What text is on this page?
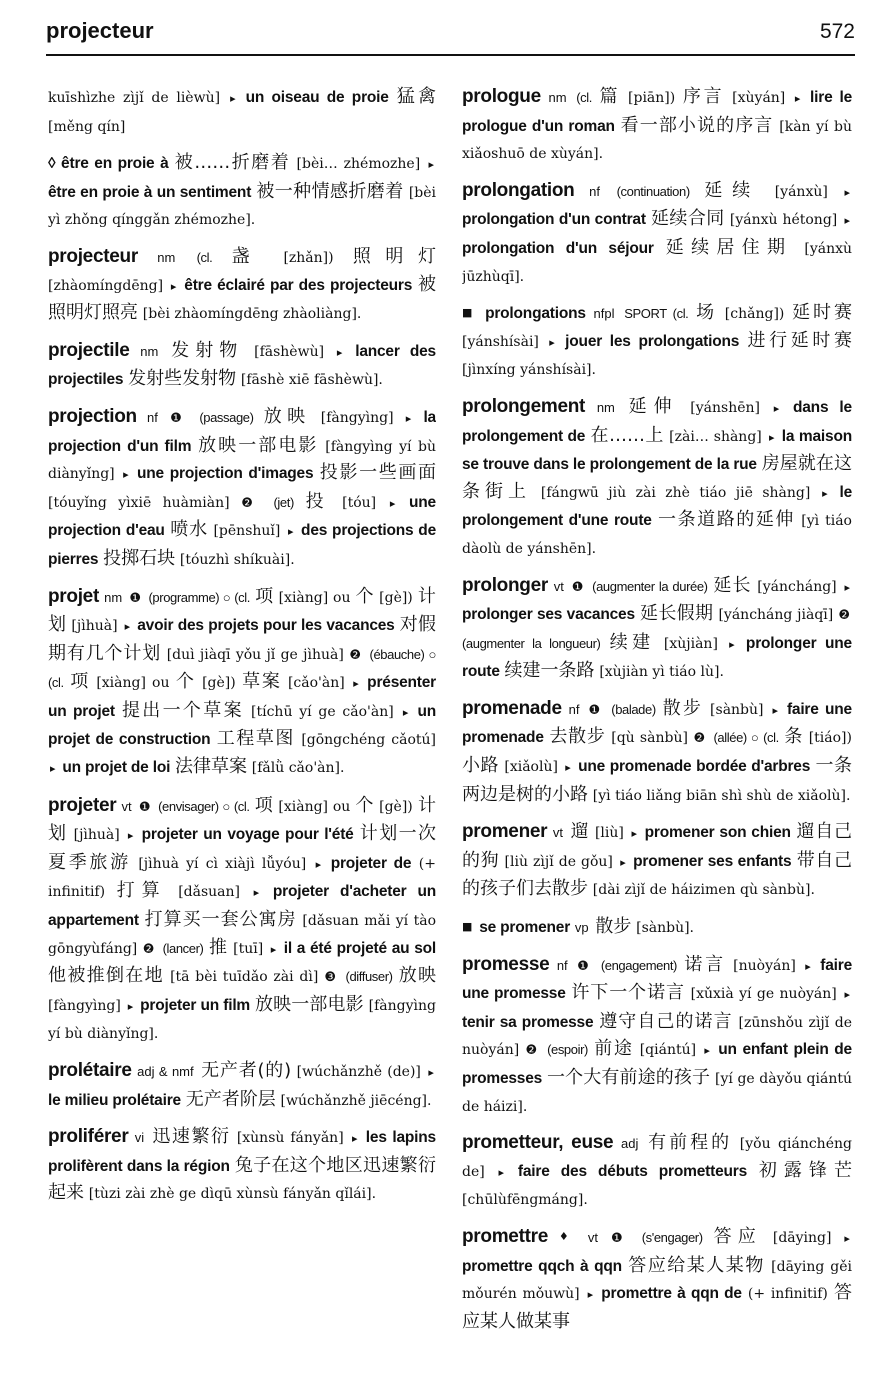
projecteur	572
kuīshìzhe zìjǐ de lièwù] ▸ un oiseau de proie 猛禽 [měng qín]
◊ être en proie à 被……折磨着 [bèi… zhémozhe] ▸ être en proie à un sentiment 被一种情感折磨着 [bèi yì zhǒng qínggǎn zhémozhe].
projecteur nm (cl. 盏 [zhǎn]) 照明灯 [zhàomíngdēng] ▸ être éclairé par des projecteurs 被照明灯照亮 [bèi zhàomíngdēng zhàoliàng].
projectile nm 发射物 [fāshèwù] ▸ lancer des projectiles 发射些发射物 [fāshè xiē fāshèwù].
projection nf ❶ (passage) 放映 [fàngyìng] ▸ la projection d'un film 放映一部电影 [fàngyìng yí bù diànyǐng] ▸ une projection d'images 投影一些画面 [tóuyǐng yìxiē huàmiàn] ❷ (jet) 投 [tóu] ▸ une projection d'eau 喷水 [pēnshuǐ] ▸ des projections de pierres 投掷石块 [tóuzhì shíkuài].
projet nm ❶ (programme) ○ (cl. 项 [xiàng] ou 个 [gè]) 计划 [jìhuà] ▸ avoir des projets pour les vacances 对假期有几个计划 [duì jiàqī yǒu jǐ ge jìhuà] ❷ (ébauche) ○ (cl. 项 [xiàng] ou 个 [gè]) 草案 [cǎo'àn] ▸ présenter un projet 提出一个草案 [tíchū yí ge cǎo'àn] ▸ un projet de construction 工程草图 [gōngchéng cǎotú] ▸ un projet de loi 法律草案 [fǎlǜ cǎo'àn].
projeter vt ❶ (envisager) ○ (cl. 项 [xiàng] ou 个 [gè]) 计划 [jìhuà] ▸ projeter un voyage pour l'été 计划一次夏季旅游 [jìhuà yí cì xiàjì lǚyóu] ▸ projeter de (+ infinitif) 打算 [dǎsuan] ▸ projeter d'acheter un appartement 打算买一套公寓房 [dǎsuan mǎi yí tào gōngyùfáng] ❷ (lancer) 推 [tuī] ▸ il a été projeté au sol 他被推倒在地 [tā bèi tuīdǎo zài dì] ❸ (diffuser) 放映 [fàngyìng] ▸ projeter un film 放映一部电影 [fàngyìng yí bù diànyǐng].
prolétaire adj & nmf 无产者(的) [wúchǎnzhě (de)] ▸ le milieu prolétaire 无产者阶层 [wúchǎnzhě jiēcéng].
proliférer vi 迅速繁衍 [xùnsù fányǎn] ▸ les lapins prolifèrent dans la région 兔子在这个地区迅速繁衍起来 [tùzi zài zhè ge dìqū xùnsù fányǎn qǐlái].
prologue nm (cl. 篇 [piān]) 序言 [xùyán] ▸ lire le prologue d'un roman 看一部小说的序言 [kàn yí bù xiǎoshuō de xùyán].
prolongation nf (continuation) 延续 [yánxù] ▸ prolongation d'un contrat 延续合同 [yánxù hétong] ▸ prolongation d'un séjour 延续居住期 [yánxù jūzhùqī].
■ prolongations nfpl SPORT (cl. 场 [chǎng]) 延时赛 [yánshísài] ▸ jouer les prolongations 进行延时赛 [jìnxíng yánshísài].
prolongement nm 延伸 [yánshēn] ▸ dans le prolongement de 在……上 [zài… shàng] ▸ la maison se trouve dans le prolongement de la rue 房屋就在这条街上 [fángwū jiù zài zhè tiáo jiē shàng] ▸ le prolongement d'une route 一条道路的延伸 [yì tiáo dàolù de yánshēn].
prolonger vt ❶ (augmenter la durée) 延长 [yáncháng] ▸ prolonger ses vacances 延长假期 [yáncháng jiàqī] ❷ (augmenter la longueur) 续建 [xùjiàn] ▸ prolonger une route 续建一条路 [xùjiàn yì tiáo lù].
promenade nf ❶ (balade) 散步 [sànbù] ▸ faire une promenade 去散步 [qù sànbù] ❷ (allée) ○ (cl. 条 [tiáo]) 小路 [xiǎolù] ▸ une promenade bordée d'arbres 一条两边是树的小路 [yì tiáo liǎng biān shì shù de xiǎolù].
promener vt 遛 [liù] ▸ promener son chien 遛自己的狗 [liù zìjǐ de gǒu] ▸ promener ses enfants 带自己的孩子们去散步 [dài zìjǐ de háizimen qù sànbù].
■ se promener vp 散步 [sànbù].
promesse nf ❶ (engagement) 诺言 [nuòyán] ▸ faire une promesse 许下一个诺言 [xǔxià yí ge nuòyán] ▸ tenir sa promesse 遵守自己的诺言 [zūnshǒu zìjǐ de nuòyán] ❷ (espoir) 前途 [qiántú] ▸ un enfant plein de promesses 一个大有前途的孩子 [yí ge dàyǒu qiántú de háizi].
prometteur, euse adj 有前程的 [yǒu qiánchéng de] ▸ faire des débuts prometteurs 初露锋芒 [chūlùfēngmáng].
promettre ♦ vt ❶ (s'engager) 答应 [dāying] ▸ promettre qqch à qqn 答应给某人某物 [dāying gěi mǒurén mǒuwù] ▸ promettre à qqn de (+ infinitif) 答应某人做某事
